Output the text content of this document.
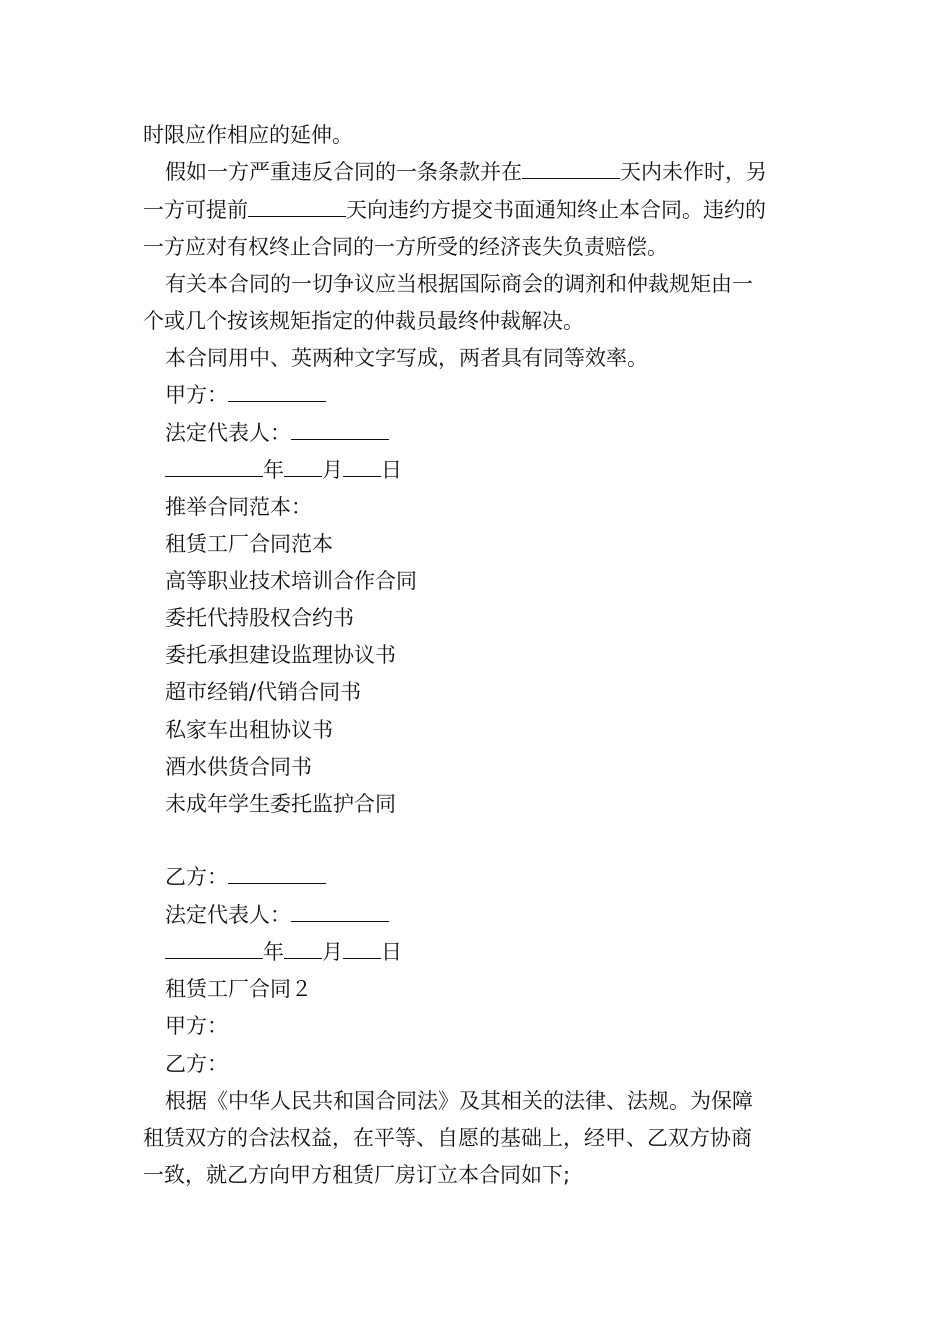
时限应作相应的延伸。
假如一方严重违反合同的一条条款并在	天内未作时，另
一方可提前	天向违约方提交书面通知终止本合同。违约的
一方应对有权终止合同的一方所受的经济丧失负责赔偿。
有关本合同的一切争议应当根据国际商会的调剂和仲裁规矩由一
个或几个按该规矩指定的仲裁员最终仲裁解决。
本合同用中、英两种文字写成，两者具有同等效率。
甲方：
法定代表人：
年 月 日
推举合同范本：
租赁工厂合同范本
高等职业技术培训合作合同
委托代持股权合约书
委托承担建设监理协议书
超市经销/代销合同书
私家车出租协议书
酒水供货合同书
未成年学生委托监护合同
乙方：
法定代表人：
年 月 日
租赁工厂合同２
甲方：
乙方：
根据《中华人民共和国合同法》及其相关的法律、法规。为保障
租赁双方的合法权益，在平等、自愿的基础上，经甲、乙双方协商
一致，就乙方向甲方租赁厂房订立本合同如下;
